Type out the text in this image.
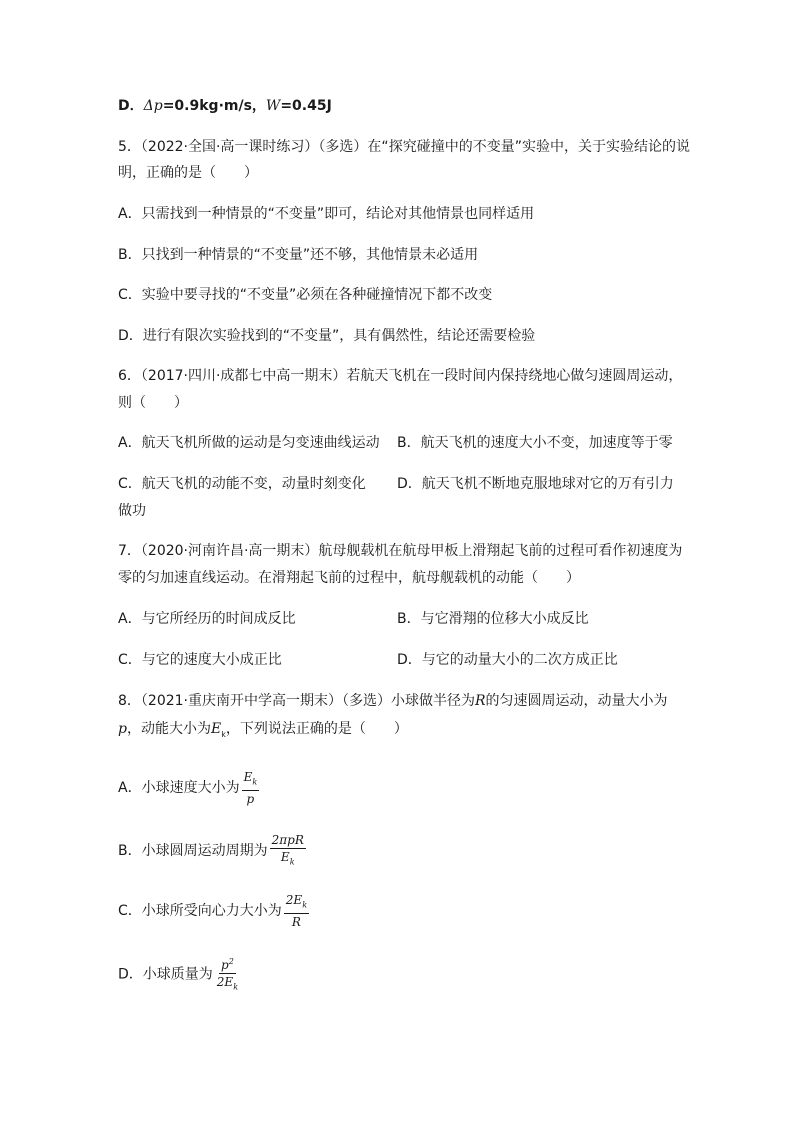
D．Δp=0.9kg·m/s，W=0.45J
5．（2022·全国·高一课时练习）（多选）在“探究碰撞中的不变量”实验中，关于实验结论的说
明，正确的是（　　）
A．只需找到一种情景的“不变量”即可，结论对其他情景也同样适用
B．只找到一种情景的“不变量”还不够，其他情景未必适用
C．实验中要寻找的“不变量”必须在各种碰撞情况下都不改变
D．进行有限次实验找到的“不变量”，具有偶然性，结论还需要检验
6．（2017·四川·成都七中高一期末）若航天飞机在一段时间内保持绕地心做匀速圆周运动，
则（　　）
A．航天飞机所做的运动是匀变速曲线运动 B．航天飞机的速度大小不变，加速度等于零
C．航天飞机的动能不变，动量时刻变化 D．航天飞机不断地克服地球对它的万有引力
做功
7．（2020·河南许昌·高一期末）航母舰载机在航母甲板上滑翔起飞前的过程可看作初速度为
零的匀加速直线运动。在滑翔起飞前的过程中，航母舰载机的动能（　　）
A．与它所经历的时间成反比	B．与它滑翔的位移大小成反比
C．与它的速度大小成正比	D．与它的动量大小的二次方成正比
8．（2021·重庆南开中学高一期末）（多选）小球做半径为R的匀速圆周运动，动量大小为
p，动能大小为$E_k$，下列说法正确的是（　　）
A．小球速度大小为 $\frac{E_k}{p}$
B．小球圆周运动周期为 $\frac{\text{2πpR}}{E_k}$
C．小球所受向心力大小为 $\frac{2E_k}{R}$
D．小球质量为 $\frac{p^2}{2E_k}$
